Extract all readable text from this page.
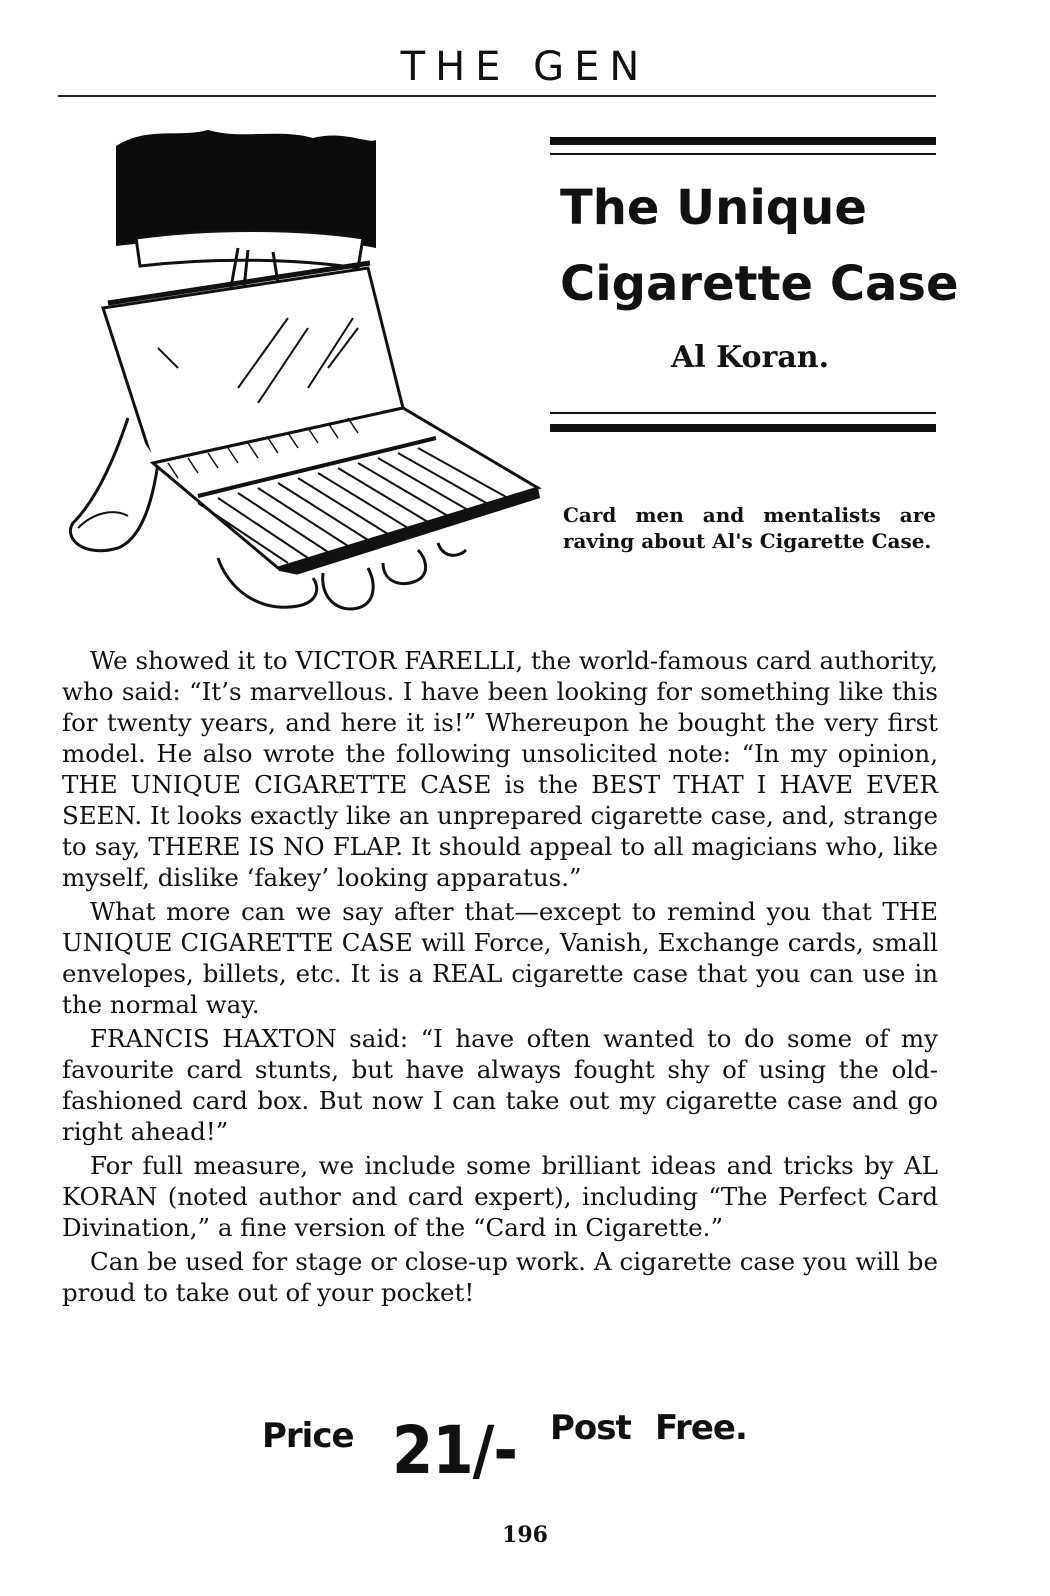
THE GEN
The Unique
Cigarette Case
Al Koran.
Card men and mentalists are raving about Al's Cigarette Case.

We showed it to VICTOR FARELLI, the world-famous card authority, who said: “It’s marvellous. I have been looking for something like this for twenty years, and here it is!” Whereupon he bought the very first model. He also wrote the following unsolicited note: “In my opinion, THE UNIQUE CIGARETTE CASE is the BEST THAT I HAVE EVER SEEN. It looks exactly like an unprepared cigarette case, and, strange to say, THERE IS NO FLAP. It should appeal to all magicians who, like myself, dislike ‘fakey’ looking apparatus.”

What more can we say after that—except to remind you that THE UNIQUE CIGARETTE CASE will Force, Vanish, Exchange cards, small envelopes, billets, etc. It is a REAL cigarette case that you can use in the normal way.

FRANCIS HAXTON said: “I have often wanted to do some of my favourite card stunts, but have always fought shy of using the old-fashioned card box. But now I can take out my cigarette case and go right ahead!”

For full measure, we include some brilliant ideas and tricks by AL KORAN (noted author and card expert), including “The Perfect Card Divination,” a fine version of the “Card in Cigarette.”

Can be used for stage or close-up work. A cigarette case you will be proud to take out of your pocket!

Price 21/- Post Free.
196
